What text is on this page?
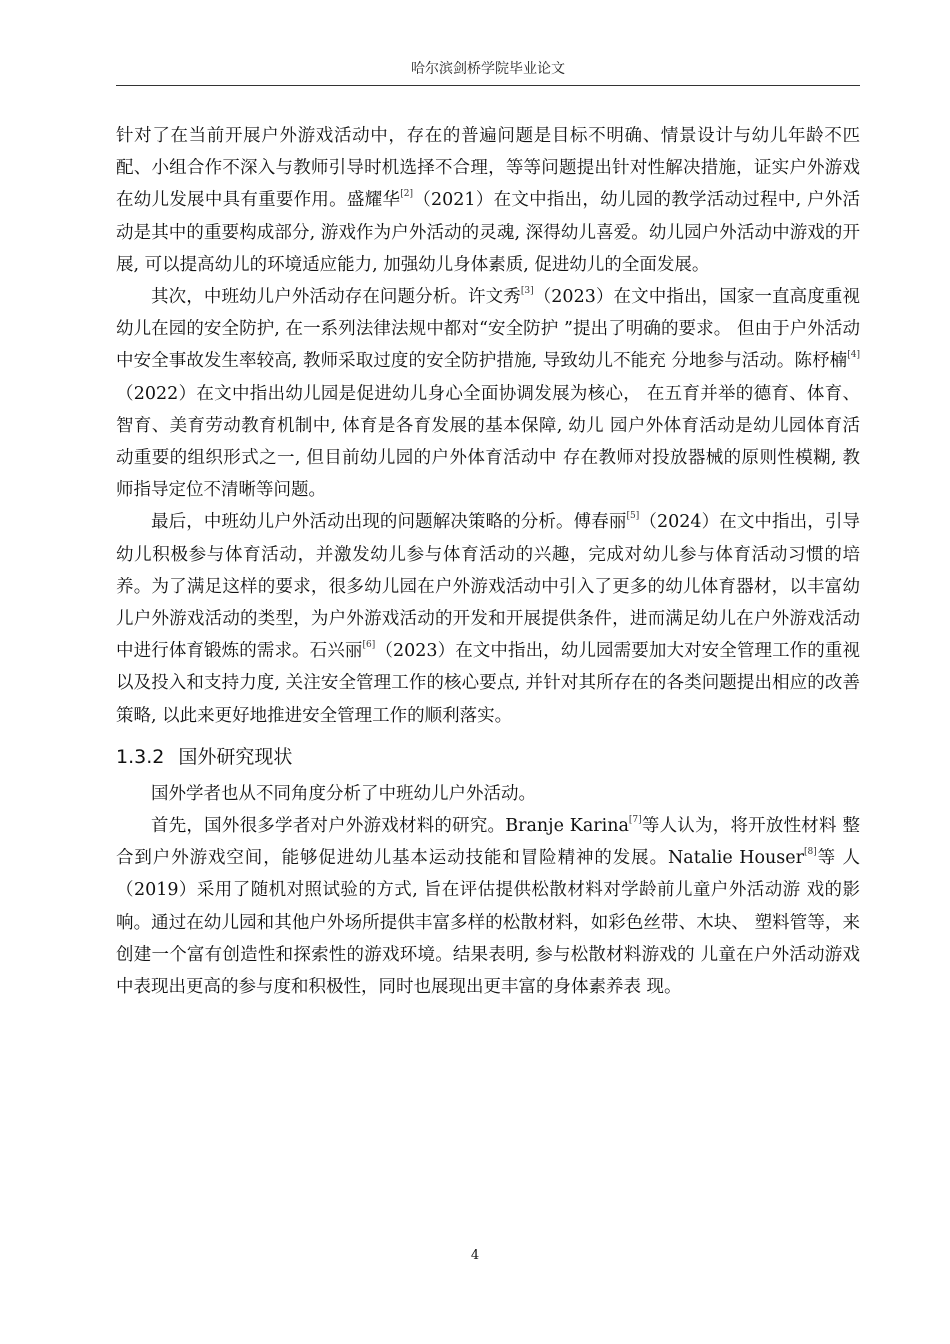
哈尔滨剑桥学院毕业论文

针对了在当前开展户外游戏活动中，存在的普遍问题是目标不明确、情景设计与幼儿年龄不匹配、小组合作不深入与教师引导时机选择不合理，等等问题提出针对性解决措施，证实户外游戏在幼儿发展中具有重要作用。盛耀华[2]（2021）在文中指出，幼儿园的教学活动过程中, 户外活动是其中的重要构成部分, 游戏作为户外活动的灵魂, 深得幼儿喜爱。幼儿园户外活动中游戏的开展, 可以提高幼儿的环境适应能力, 加强幼儿身体素质, 促进幼儿的全面发展。

其次，中班幼儿户外活动存在问题分析。许文秀[3]（2023）在文中指出，国家一直高度重视幼儿在园的安全防护, 在一系列法律法规中都对“安全防护 ”提出了明确的要求。 但由于户外活动中安全事故发生率较高, 教师采取过度的安全防护措施, 导致幼儿不能充 分地参与活动。陈杼楠[4]（2022）在文中指出幼儿园是促进幼儿身心全面协调发展为核心， 在五育并举的德育、体育、智育、美育劳动教育机制中, 体育是各育发展的基本保障, 幼儿 园户外体育活动是幼儿园体育活动重要的组织形式之一, 但目前幼儿园的户外体育活动中 存在教师对投放器械的原则性模糊, 教师指导定位不清晰等问题。

最后，中班幼儿户外活动出现的问题解决策略的分析。傅春丽[5]（2024）在文中指出，引导幼儿积极参与体育活动，并激发幼儿参与体育活动的兴趣，完成对幼儿参与体育活动习惯的培养。为了满足这样的要求，很多幼儿园在户外游戏活动中引入了更多的幼儿体育器材，以丰富幼儿户外游戏活动的类型，为户外游戏活动的开发和开展提供条件，进而满足幼儿在户外游戏活动中进行体育锻炼的需求。石兴丽[6]（2023）在文中指出，幼儿园需要加大对安全管理工作的重视以及投入和支持力度, 关注安全管理工作的核心要点, 并针对其所存在的各类问题提出相应的改善策略, 以此来更好地推进安全管理工作的顺利落实。

1.3.2 国外研究现状

国外学者也从不同角度分析了中班幼儿户外活动。

首先，国外很多学者对户外游戏材料的研究。Branje Karina[7]等人认为，将开放性材料 整合到户外游戏空间，能够促进幼儿基本运动技能和冒险精神的发展。Natalie Houser[8]等 人（2019）采用了随机对照试验的方式, 旨在评估提供松散材料对学龄前儿童户外活动游 戏的影响。通过在幼儿园和其他户外场所提供丰富多样的松散材料，如彩色丝带、木块、 塑料管等，来创建一个富有创造性和探索性的游戏环境。结果表明, 参与松散材料游戏的 儿童在户外活动游戏中表现出更高的参与度和积极性，同时也展现出更丰富的身体素养表 现。

4
